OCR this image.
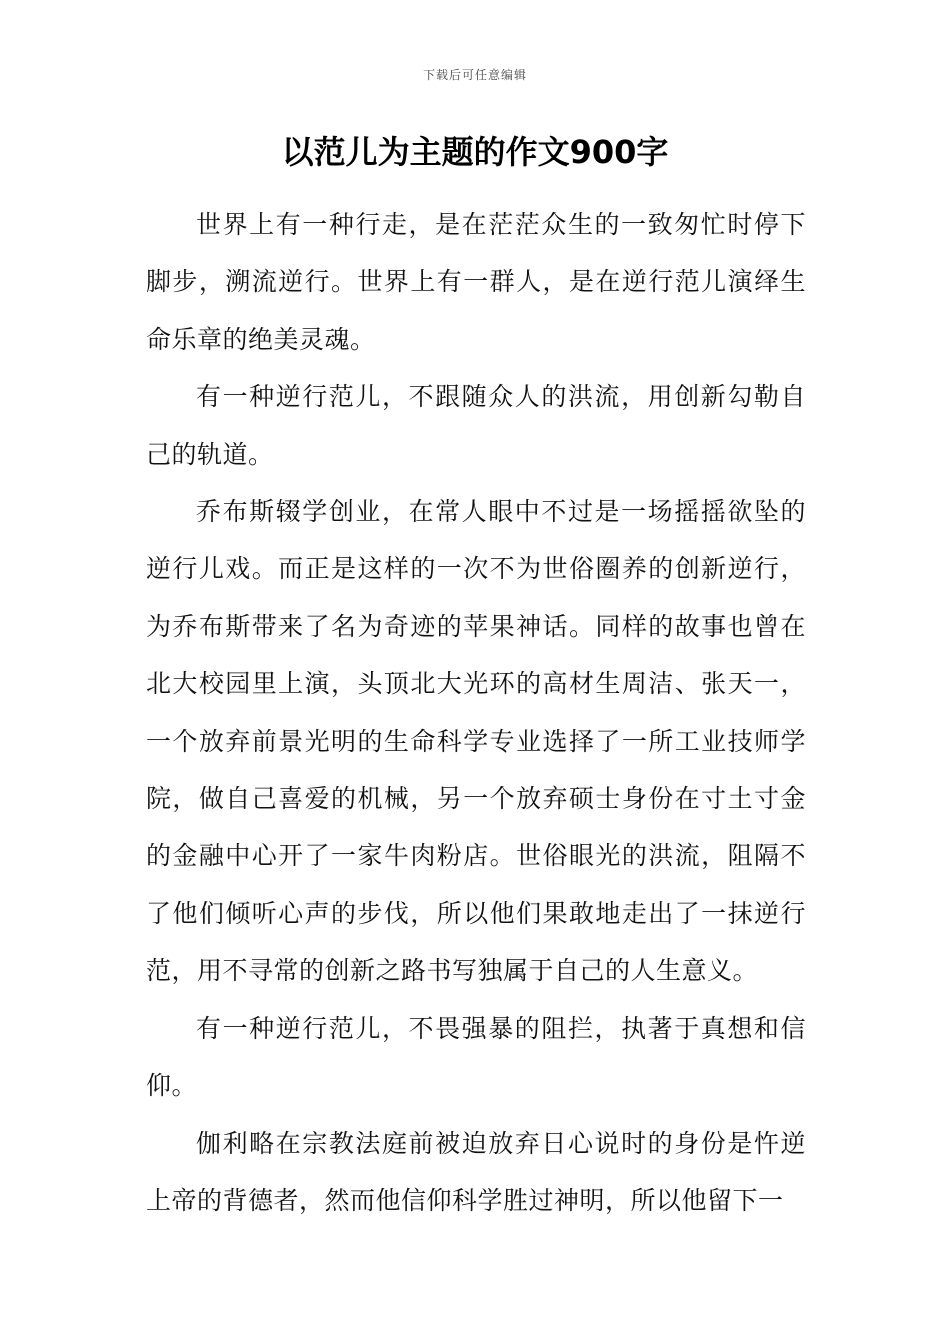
下载后可任意编辑
以范儿为主题的作文900字

世界上有一种行走，是在茫茫众生的一致匆忙时停下脚步，溯流逆行。世界上有一群人，是在逆行范儿演绎生命乐章的绝美灵魂。

有一种逆行范儿，不跟随众人的洪流，用创新勾勒自己的轨道。

乔布斯辍学创业，在常人眼中不过是一场摇摇欲坠的逆行儿戏。而正是这样的一次不为世俗圈养的创新逆行，为乔布斯带来了名为奇迹的苹果神话。同样的故事也曾在北大校园里上演，头顶北大光环的高材生周洁、张天一，一个放弃前景光明的生命科学专业选择了一所工业技师学院，做自己喜爱的机械，另一个放弃硕士身份在寸土寸金的金融中心开了一家牛肉粉店。世俗眼光的洪流，阻隔不了他们倾听心声的步伐，所以他们果敢地走出了一抹逆行范，用不寻常的创新之路书写独属于自己的人生意义。

有一种逆行范儿，不畏强暴的阻拦，执著于真想和信仰。

伽利略在宗教法庭前被迫放弃日心说时的身份是忤逆上帝的背德者，然而他信仰科学胜过神明，所以他留下一
